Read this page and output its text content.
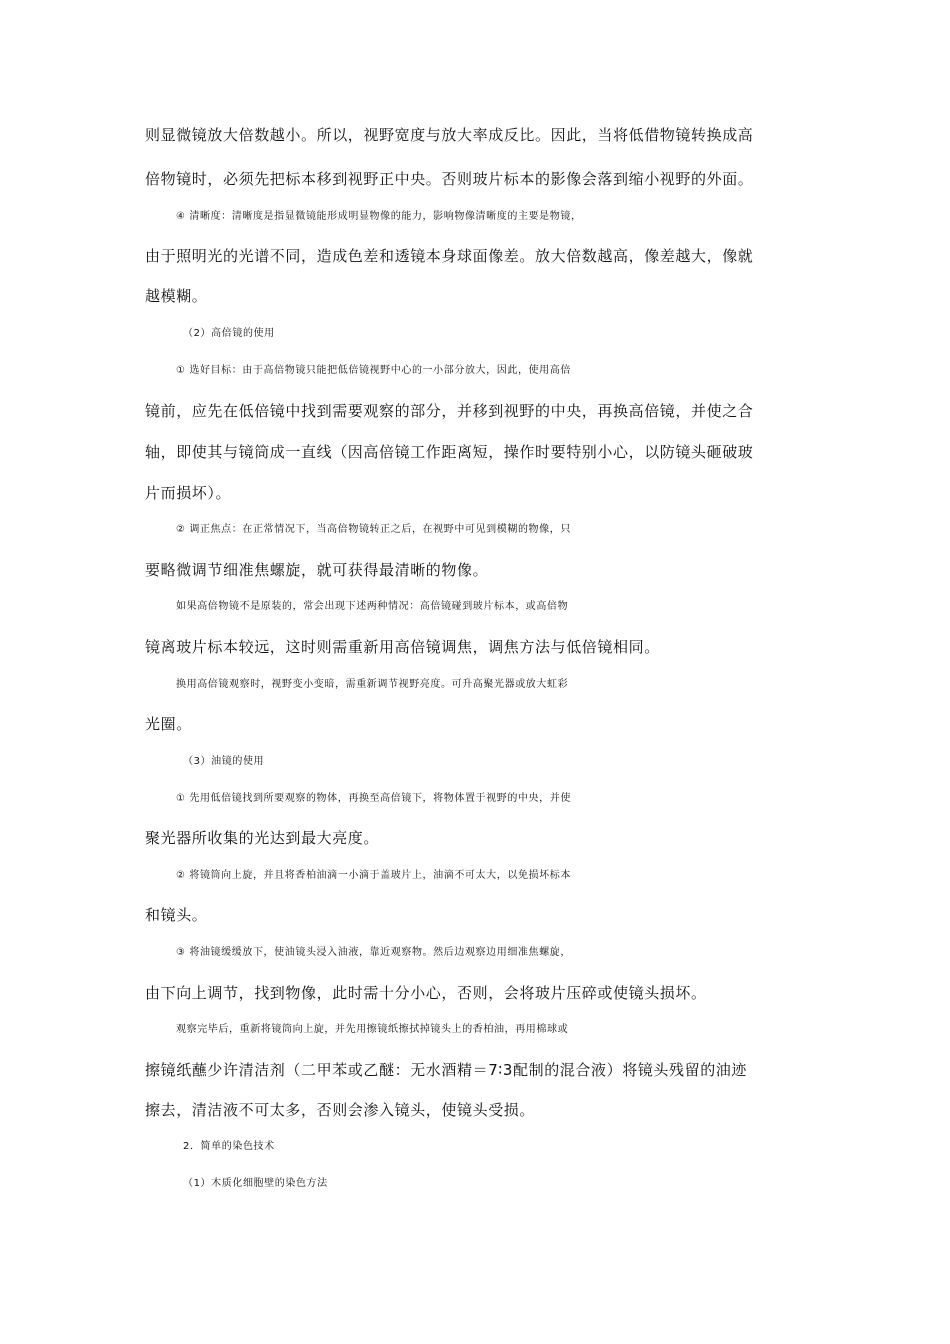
则显微镜放大倍数越小。所以，视野宽度与放大率成反比。因此，当将低借物镜转换成高
倍物镜时，必须先把标本移到视野正中央。否则玻片标本的影像会落到缩小视野的外面。
④ 清晰度：清晰度是指显微镜能形成明显物像的能力，影响物像清晰度的主要是物镜，
由于照明光的光谱不同，造成色差和透镜本身球面像差。放大倍数越高，像差越大，像就
越模糊。
（2）高倍镜的使用
① 选好目标：由于高倍物镜只能把低倍镜视野中心的一小部分放大，因此，使用高倍
镜前，应先在低倍镜中找到需要观察的部分，并移到视野的中央，再换高倍镜，并使之合
轴，即使其与镜筒成一直线（因高倍镜工作距离短，操作时要特别小心，以防镜头砸破玻
片而损坏）。
② 调正焦点：在正常情况下，当高倍物镜转正之后，在视野中可见到模糊的物像，只
要略微调节细准焦螺旋，就可获得最清晰的物像。
如果高倍物镜不是原装的，常会出现下述两种情况：高倍镜碰到玻片标本，或高倍物
镜离玻片标本较远，这时则需重新用高倍镜调焦，调焦方法与低倍镜相同。
换用高倍镜观察时，视野变小变暗，需重新调节视野亮度。可升高聚光器或放大虹彩
光圈。
（3）油镜的使用
① 先用低倍镜找到所要观察的物体，再换至高倍镜下，将物体置于视野的中央，并使
聚光器所收集的光达到最大亮度。
② 将镜筒向上旋，并且将香柏油滴一小滴于盖玻片上，油滴不可太大，以免损坏标本
和镜头。
③ 将油镜缓缓放下，使油镜头浸入油液，靠近观察物。然后边观察边用细准焦螺旋，
由下向上调节，找到物像，此时需十分小心，否则，会将玻片压碎或使镜头损坏。
观察完毕后，重新将镜筒向上旋，并先用擦镜纸擦拭掉镜头上的香柏油，再用棉球或
擦镜纸蘸少许清洁剂（二甲苯或乙醚：无水酒精＝7∶3配制的混合液）将镜头残留的油迹
擦去，清洁液不可太多，否则会渗入镜头，使镜头受损。
2．简单的染色技术
（1）木质化细胞壁的染色方法
